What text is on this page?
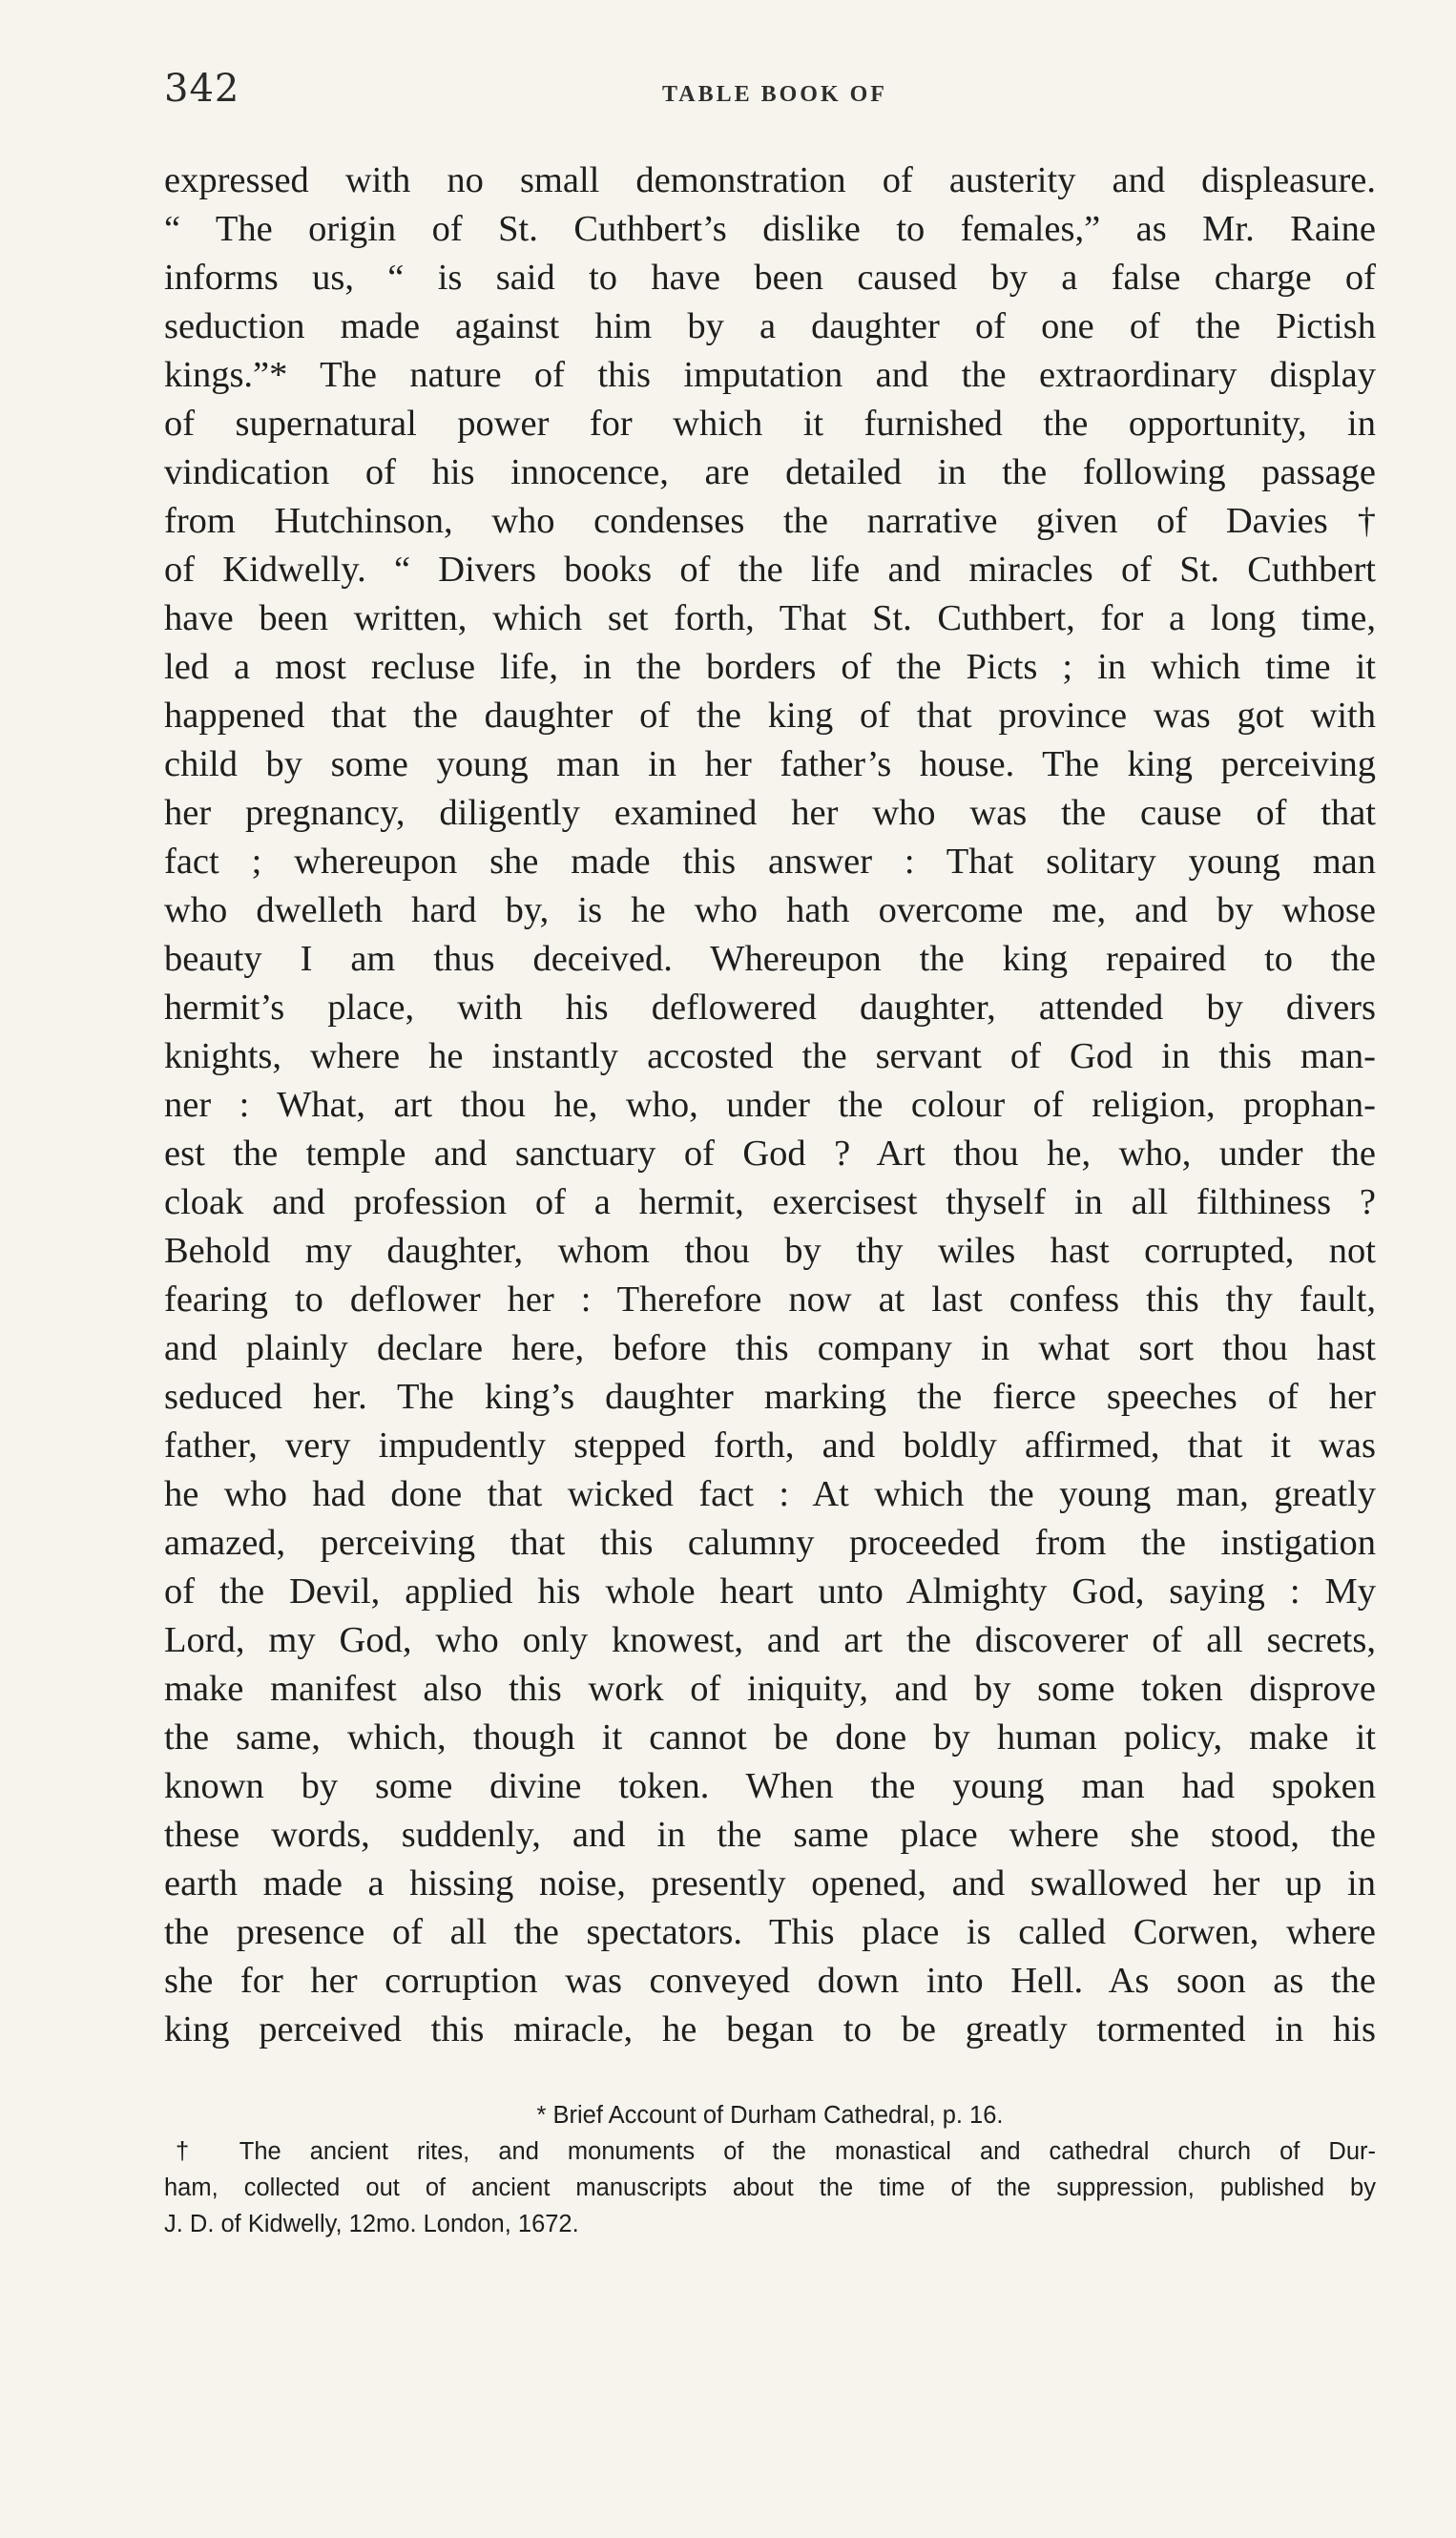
342	TABLE BOOK OF
expressed with no small demonstration of austerity and displeasure.
“ The origin of St. Cuthbert’s dislike to females,” as Mr. Raine
informs us, “ is said to have been caused by a false charge of
seduction made against him by a daughter of one of the Pictish
kings.”* The nature of this imputation and the extraordinary display
of supernatural power for which it furnished the opportunity, in
vindication of his innocence, are detailed in the following passage
from Hutchinson, who condenses the narrative given of Davies†
of Kidwelly. “ Divers books of the life and miracles of St. Cuthbert
have been written, which set forth, That St. Cuthbert, for a long time,
led a most recluse life, in the borders of the Picts ; in which time it
happened that the daughter of the king of that province was got with
child by some young man in her father’s house. The king perceiving
her pregnancy, diligently examined her who was the cause of that
fact ; whereupon she made this answer : That solitary young man
who dwelleth hard by, is he who hath overcome me, and by whose
beauty I am thus deceived. Whereupon the king repaired to the
hermit’s place, with his deflowered daughter, attended by divers
knights, where he instantly accosted the servant of God in this man-
ner : What, art thou he, who, under the colour of religion, prophan-
est the temple and sanctuary of God ? Art thou he, who, under the
cloak and profession of a hermit, exercisest thyself in all filthiness ?
Behold my daughter, whom thou by thy wiles hast corrupted, not
fearing to deflower her : Therefore now at last confess this thy fault,
and plainly declare here, before this company in what sort thou hast
seduced her. The king’s daughter marking the fierce speeches of her
father, very impudently stepped forth, and boldly affirmed, that it was
he who had done that wicked fact : At which the young man, greatly
amazed, perceiving that this calumny proceeded from the instigation
of the Devil, applied his whole heart unto Almighty God, saying : My
Lord, my God, who only knowest, and art the discoverer of all secrets,
make manifest also this work of iniquity, and by some token disprove
the same, which, though it cannot be done by human policy, make it
known by some divine token. When the young man had spoken
these words, suddenly, and in the same place where she stood, the
earth made a hissing noise, presently opened, and swallowed her up in
the presence of all the spectators. This place is called Corwen, where
she for her corruption was conveyed down into Hell. As soon as the
king perceived this miracle, he began to be greatly tormented in his
* Brief Account of Durham Cathedral, p. 16.
† The ancient rites, and monuments of the monastical and cathedral church of Dur-
ham, collected out of ancient manuscripts about the time of the suppression, published by
J. D. of Kidwelly, 12mo. London, 1672.
